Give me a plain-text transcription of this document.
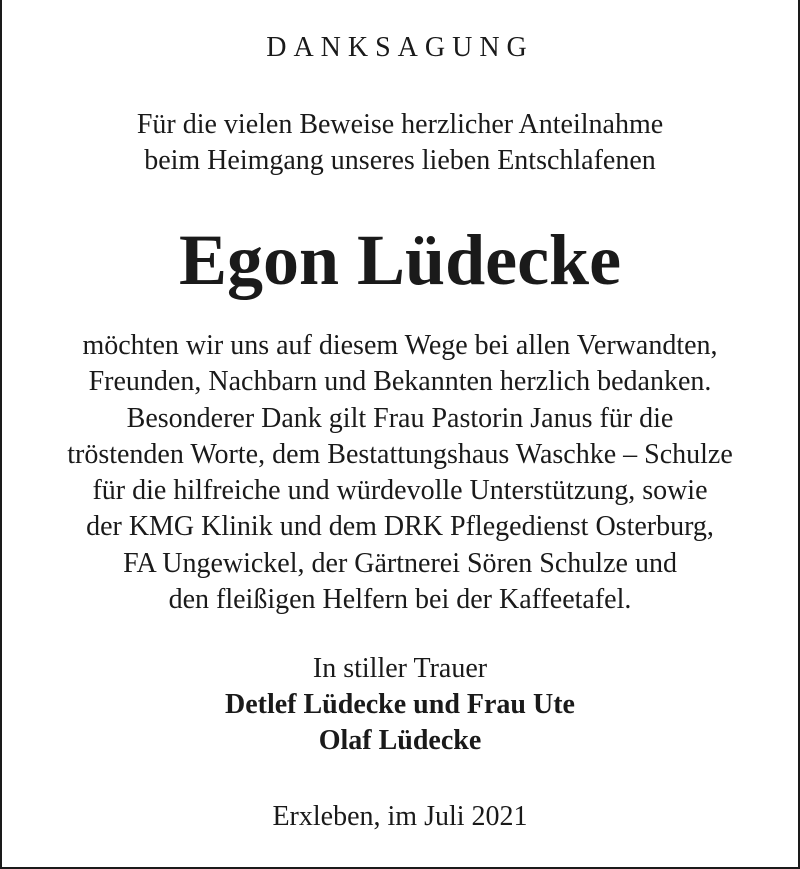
DANKSAGUNG
Für die vielen Beweise herzlicher Anteilnahme
beim Heimgang unseres lieben Entschlafenen
Egon Lüdecke
möchten wir uns auf diesem Wege bei allen Verwandten,
Freunden, Nachbarn und Bekannten herzlich bedanken.
Besonderer Dank gilt Frau Pastorin Janus für die
tröstenden Worte, dem Bestattungshaus Waschke – Schulze
für die hilfreiche und würdevolle Unterstützung, sowie
der KMG Klinik und dem DRK Pflegedienst Osterburg,
FA Ungewickel, der Gärtnerei Sören Schulze und
den fleißigen Helfern bei der Kaffeetafel.
In stiller Trauer
Detlef Lüdecke und Frau Ute
Olaf Lüdecke
Erxleben, im Juli 2021
